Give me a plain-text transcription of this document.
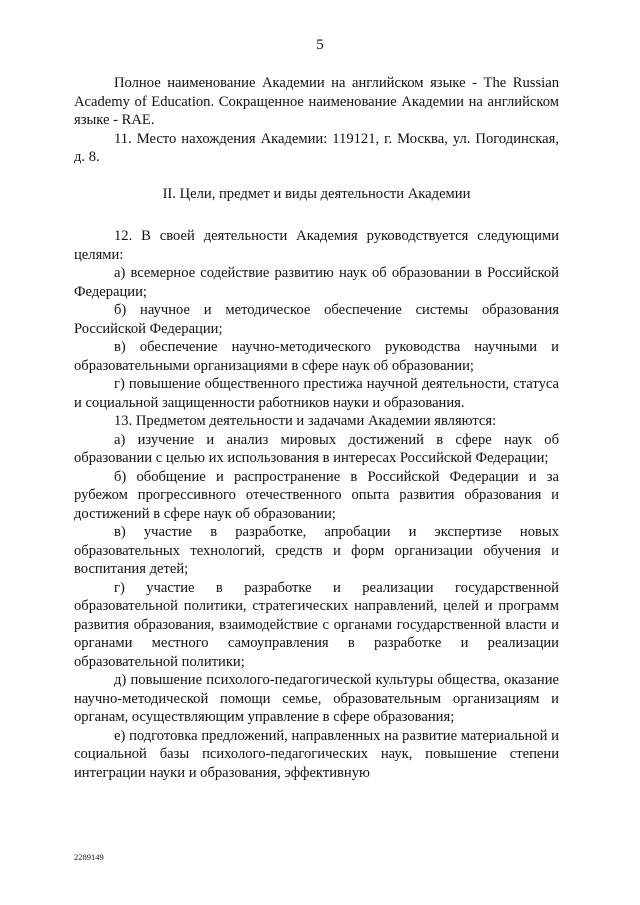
5

Полное наименование Академии на английском языке - The Russian Academy of Education. Сокращенное наименование Академии на английском языке - RAE.

11. Место нахождения Академии: 119121, г. Москва, ул. Погодинская, д. 8.

II. Цели, предмет и виды деятельности Академии

12. В своей деятельности Академия руководствуется следующими целями:

а) всемерное содействие развитию наук об образовании в Российской Федерации;

б) научное и методическое обеспечение системы образования Российской Федерации;

в) обеспечение научно-методического руководства научными и образовательными организациями в сфере наук об образовании;

г) повышение общественного престижа научной деятельности, статуса и социальной защищенности работников науки и образования.

13. Предметом деятельности и задачами Академии являются:

а) изучение и анализ мировых достижений в сфере наук об образовании с целью их использования в интересах Российской Федерации;

б) обобщение и распространение в Российской Федерации и за рубежом прогрессивного отечественного опыта развития образования и достижений в сфере наук об образовании;

в) участие в разработке, апробации и экспертизе новых образовательных технологий, средств и форм организации обучения и воспитания детей;

г) участие в разработке и реализации государственной образовательной политики, стратегических направлений, целей и программ развития образования, взаимодействие с органами государственной власти и органами местного самоуправления в разработке и реализации образовательной политики;

д) повышение психолого-педагогической культуры общества, оказание научно-методической помощи семье, образовательным организациям и органам, осуществляющим управление в сфере образования;

е) подготовка предложений, направленных на развитие материальной и социальной базы психолого-педагогических наук, повышение степени интеграции науки и образования, эффективную

2289149
